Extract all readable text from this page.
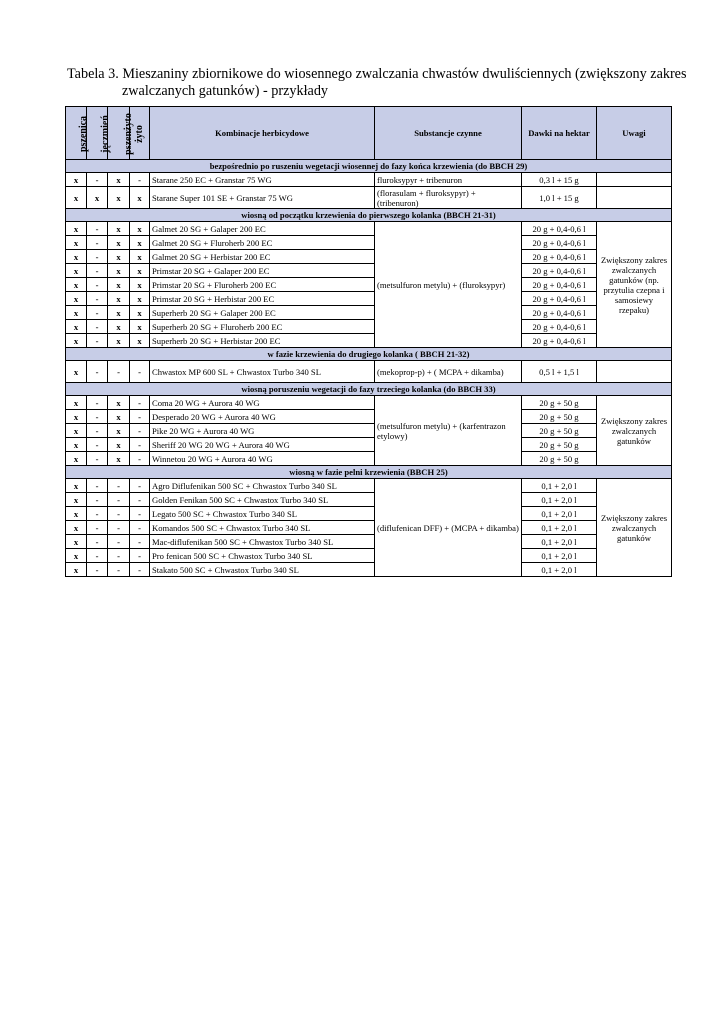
Tabela 3. Mieszaniny zbiornikowe do wiosennego zwalczania chwastów dwuliściennych (zwiększony zakres
zwalczanych gatunków) - przykłady
pszenica	jęczmień	pszenżyto	żyto	Kombinacje herbicydowe	Substancje czynne	Dawki na hektar	Uwagi
bezpośrednio po ruszeniu wegetacji wiosennej do fazy końca krzewienia (do BBCH 29)							
x	-	x	-	Starane 250 EC + Granstar 75 WG	fluroksypyr + tribenuron	0,3 l + 15 g	
x	x	x	x	Starane Super 101 SE + Granstar 75 WG	(florasulam + fluroksypyr) + (tribenuron)	1,0 l + 15 g	
wiosną od początku krzewienia do pierwszego kolanka (BBCH 21-31)							
x	-	x	x	Galmet 20 SG + Galaper 200 EC	(metsulfuron metylu) + (fluroksypyr)	20 g + 0,4-0,6 l	Zwiększony zakres zwalczanych gatunków (np. przytulia czepna i samosiewy rzepaku)
x	-	x	x	Galmet 20 SG + Fluroherb 200 EC		20 g + 0,4-0,6 l	
x	-	x	x	Galmet 20 SG + Herbistar 200 EC		20 g + 0,4-0,6 l	
x	-	x	x	Primstar 20 SG + Galaper 200 EC		20 g + 0,4-0,6 l	
x	-	x	x	Primstar 20 SG + Fluroherb 200 EC		20 g + 0,4-0,6 l	
x	-	x	x	Primstar 20 SG + Herbistar 200 EC		20 g + 0,4-0,6 l	
x	-	x	x	Superherb 20 SG + Galaper 200 EC		20 g + 0,4-0,6 l	
x	-	x	x	Superherb 20 SG + Fluroherb 200 EC		20 g + 0,4-0,6 l	
x	-	x	x	Superherb 20 SG + Herbistar 200 EC		20 g + 0,4-0,6 l	
w fazie krzewienia do drugiego kolanka ( BBCH 21-32)							
x	-	-	-	Chwastox MP 600 SL + Chwastox Turbo 340 SL	(mekoprop-p) + ( MCPA + dikamba)	0,5 l + 1,5 l	
wiosną poruszeniu wegetacji do fazy trzeciego kolanka (do BBCH 33)							
x	-	x	-	Coma 20 WG + Aurora 40 WG	(metsulfuron metylu) + (karfentrazon etylowy)	20 g + 50 g	Zwiększony zakres zwalczanych gatunków
x	-	x	-	Desperado 20 WG + Aurora 40 WG		20 g + 50 g	
x	-	x	-	Pike 20 WG + Aurora 40 WG		20 g + 50 g	
x	-	x	-	Sheriff 20 WG 20 WG + Aurora 40 WG		20 g + 50 g	
x	-	x	-	Winnetou 20 WG + Aurora 40 WG		20 g + 50 g	
wiosną w fazie pelni krzewienia (BBCH 25)							
x	-	-	-	Agro Diflufenikan 500 SC + Chwastox Turbo 340 SL	(diflufenican DFF) + (MCPA + dikamba)	0,1 + 2,0 l	Zwiększony zakres zwalczanych gatunków
x	-	-	-	Golden Fenikan 500 SC + Chwastox Turbo 340 SL		0,1 + 2,0 l	
x	-	-	-	Legato 500 SC + Chwastox Turbo 340 SL		0,1 + 2,0 l	
x	-	-	-	Komandos 500 SC + Chwastox Turbo 340 SL		0,1 + 2,0 l	
x	-	-	-	Mac-diflufenikan 500 SC + Chwastox Turbo 340 SL		0,1 + 2,0 l	
x	-	-	-	Pro fenican 500 SC + Chwastox Turbo 340 SL		0,1 + 2,0 l	
x	-	-	-	Stakato 500 SC + Chwastox Turbo 340 SL		0,1 + 2,0 l	
